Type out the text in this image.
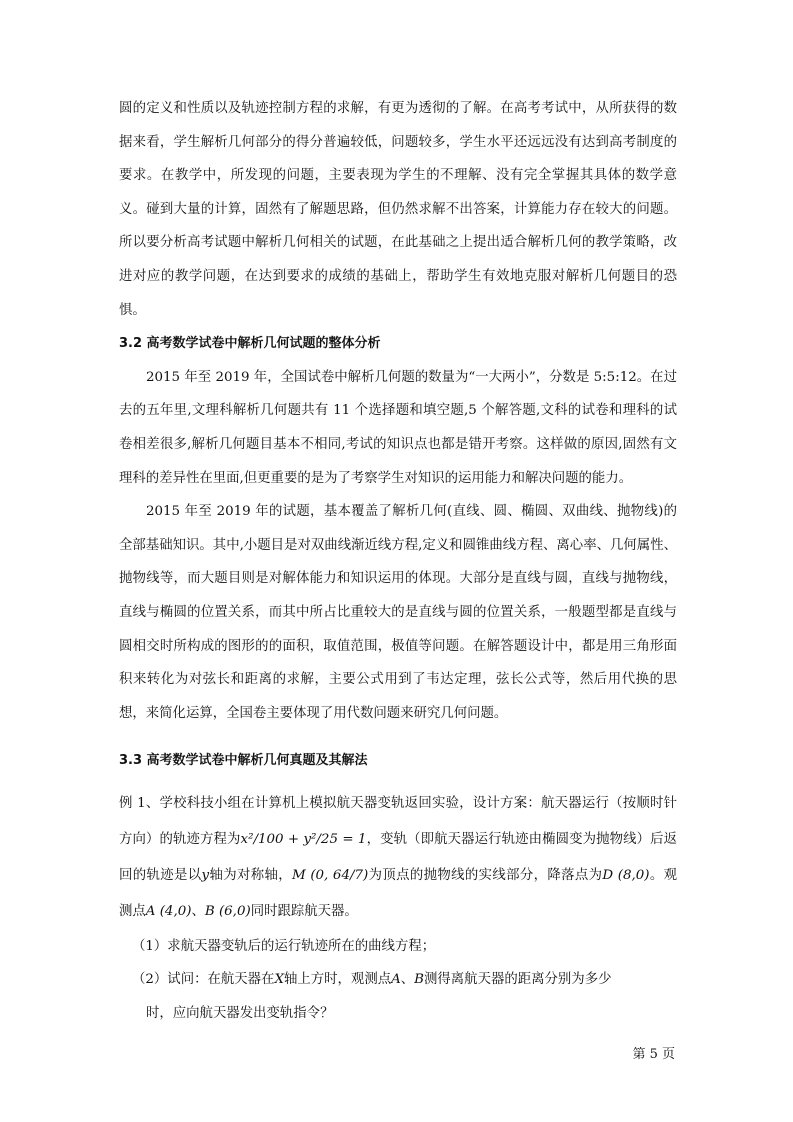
圆的定义和性质以及轨迹控制方程的求解，有更为透彻的了解。在高考考试中，从所获得的数据来看，学生解析几何部分的得分普遍较低，问题较多，学生水平还远远没有达到高考制度的要求。在教学中，所发现的问题，主要表现为学生的不理解、没有完全掌握其具体的数学意义。碰到大量的计算，固然有了解题思路，但仍然求解不出答案，计算能力存在较大的问题。所以要分析高考试题中解析几何相关的试题，在此基础之上提出适合解析几何的教学策略，改进对应的教学问题，在达到要求的成绩的基础上，帮助学生有效地克服对解析几何题目的恐惧。

3.2 高考数学试卷中解析几何试题的整体分析

2015 年至 2019 年，全国试卷中解析几何题的数量为“一大两小”，分数是 5:5:12。在过去的五年里,文理科解析几何题共有 11 个选择题和填空题,5 个解答题,文科的试卷和理科的试卷相差很多,解析几何题目基本不相同,考试的知识点也都是错开考察。这样做的原因,固然有文理科的差异性在里面,但更重要的是为了考察学生对知识的运用能力和解决问题的能力。

2015 年至 2019 年的试题，基本覆盖了解析几何(直线、圆、椭圆、双曲线、抛物线)的全部基础知识。其中,小题目是对双曲线渐近线方程,定义和圆锥曲线方程、离心率、几何属性、抛物线等，而大题目则是对解体能力和知识运用的体现。大部分是直线与圆，直线与抛物线，直线与椭圆的位置关系，而其中所占比重较大的是直线与圆的位置关系，一般题型都是直线与圆相交时所构成的图形的的面积，取值范围，极值等问题。在解答题设计中，都是用三角形面积来转化为对弦长和距离的求解，主要公式用到了韦达定理，弦长公式等，然后用代换的思想，来简化运算，全国卷主要体现了用代数问题来研究几何问题。

3.3 高考数学试卷中解析几何真题及其解法

例 1、学校科技小组在计算机上模拟航天器变轨返回实验，设计方案：航天器运行（按顺时针方向）的轨迹方程为x²/100 + y²/25 = 1，变轨（即航天器运行轨迹由椭圆变为抛物线）后返回的轨迹是以y轴为对称轴，M (0, 64/7)为顶点的抛物线的实线部分，降落点为D (8,0)。观测点A (4,0)、B (6,0)同时跟踪航天器。

（1）求航天器变轨后的运行轨迹所在的曲线方程；

（2）试问：在航天器在X轴上方时，观测点A、B测得离航天器的距离分别为多少

时，应向航天器发出变轨指令？

第 5 页
